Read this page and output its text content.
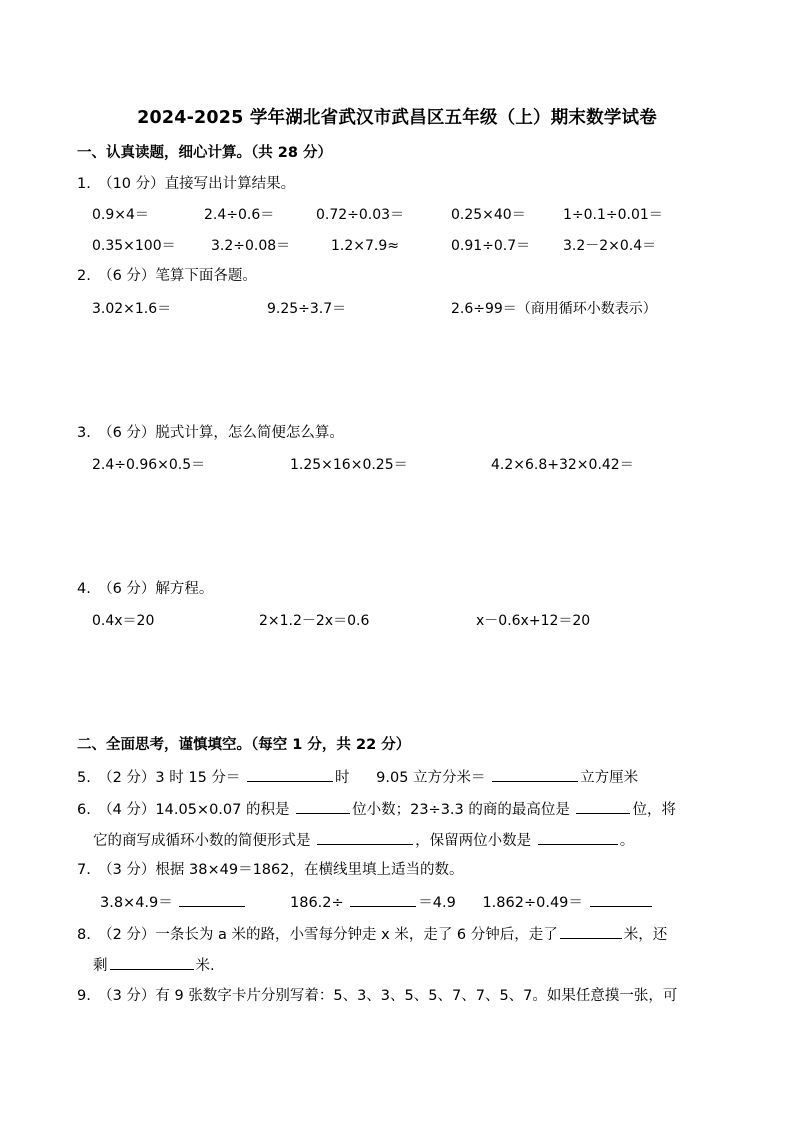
2024-2025 学年湖北省武汉市武昌区五年级（上）期末数学试卷
一、认真读题，细心计算。（共 28 分）
1.　（10 分）直接写出计算结果。
0.9×4＝	2.4÷0.6＝	0.72÷0.03＝	0.25×40＝	1÷0.1÷0.01＝
0.35×100＝	3.2÷0.08＝	1.2×7.9≈	0.91÷0.7＝ 3.2－2×0.4＝
2.　（6 分）笔算下面各题。
3.02×1.6＝	9.25÷3.7＝	2.6÷99＝（商用循环小数表示）
3.　（6 分）脱式计算，怎么简便怎么算。
2.4÷0.96×0.5＝	1.25×16×0.25＝	4.2×6.8+32×0.42＝
4.　（6 分）解方程。
0.4x＝20	2×1.2－2x＝0.6	x－0.6x+12＝20
二、全面思考，谨慎填空。（每空 1 分，共 22 分）
5.　（2 分）3 时 15 分＝	时 9.05 立方分米＝	立方厘米
6.　（4 分）14.05×0.07 的积是	位小数；23÷3.3 的商的最高位是	位，将
它的商写成循环小数的简便形式是	，保留两位小数是	。
7.　（3 分）根据 38×49＝1862，在横线里填上适当的数。
3.8×4.9＝	186.2÷	＝4.9 1.862÷0.49＝
8.　（2 分）一条长为 a 米的路，小雪每分钟走 x 米，走了 6 分钟后，走了	米，还
剩	米.
9.　（3 分）有 9 张数字卡片分别写着：5、3、3、5、5、7、7、5、7。如果任意摸一张，可
